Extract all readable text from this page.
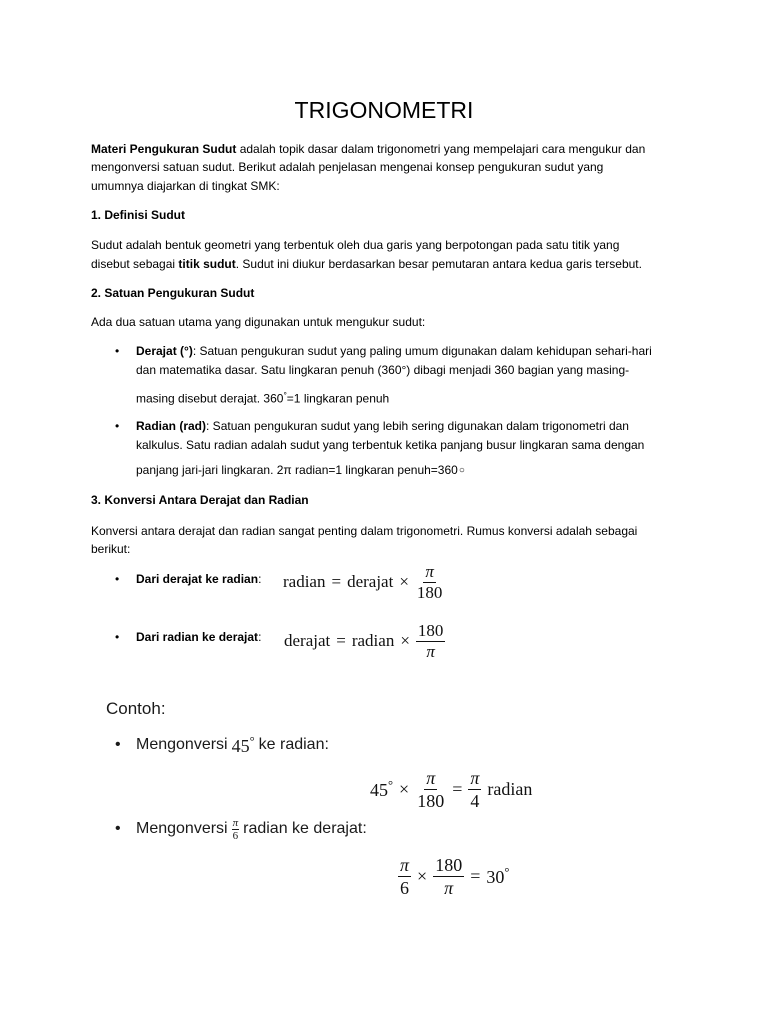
TRIGONOMETRI
Materi Pengukuran Sudut adalah topik dasar dalam trigonometri yang mempelajari cara mengukur dan
mengonversi satuan sudut. Berikut adalah penjelasan mengenai konsep pengukuran sudut yang
umumnya diajarkan di tingkat SMK:
1. Definisi Sudut
Sudut adalah bentuk geometri yang terbentuk oleh dua garis yang berpotongan pada satu titik yang
disebut sebagai titik sudut. Sudut ini diukur berdasarkan besar pemutaran antara kedua garis tersebut.
2. Satuan Pengukuran Sudut
Ada dua satuan utama yang digunakan untuk mengukur sudut:
• Derajat (°): Satuan pengukuran sudut yang paling umum digunakan dalam kehidupan sehari-hari
dan matematika dasar. Satu lingkaran penuh (360°) dibagi menjadi 360 bagian yang masing-
masing disebut derajat. 360°=1 lingkaran penuh
• Radian (rad): Satuan pengukuran sudut yang lebih sering digunakan dalam trigonometri dan
kalkulus. Satu radian adalah sudut yang terbentuk ketika panjang busur lingkaran sama dengan
panjang jari-jari lingkaran. 2π radian=1 lingkaran penuh=360○
3. Konversi Antara Derajat dan Radian
Konversi antara derajat dan radian sangat penting dalam trigonometri. Rumus konversi adalah sebagai
berikut:
• Dari derajat ke radian: radian = derajat × $\frac{\pi}{180}$
• Dari radian ke derajat: derajat = radian × $\frac{180}{\pi}$
Contoh:
• Mengonversi 45° ke radian:
$45^\circ \times \frac{\pi}{180} = \frac{\pi}{4}$ radian
• Mengonversi $\frac{\pi}{6}$ radian ke derajat:
$\frac{\pi}{6} \times \frac{180}{\pi} = 30^\circ$
